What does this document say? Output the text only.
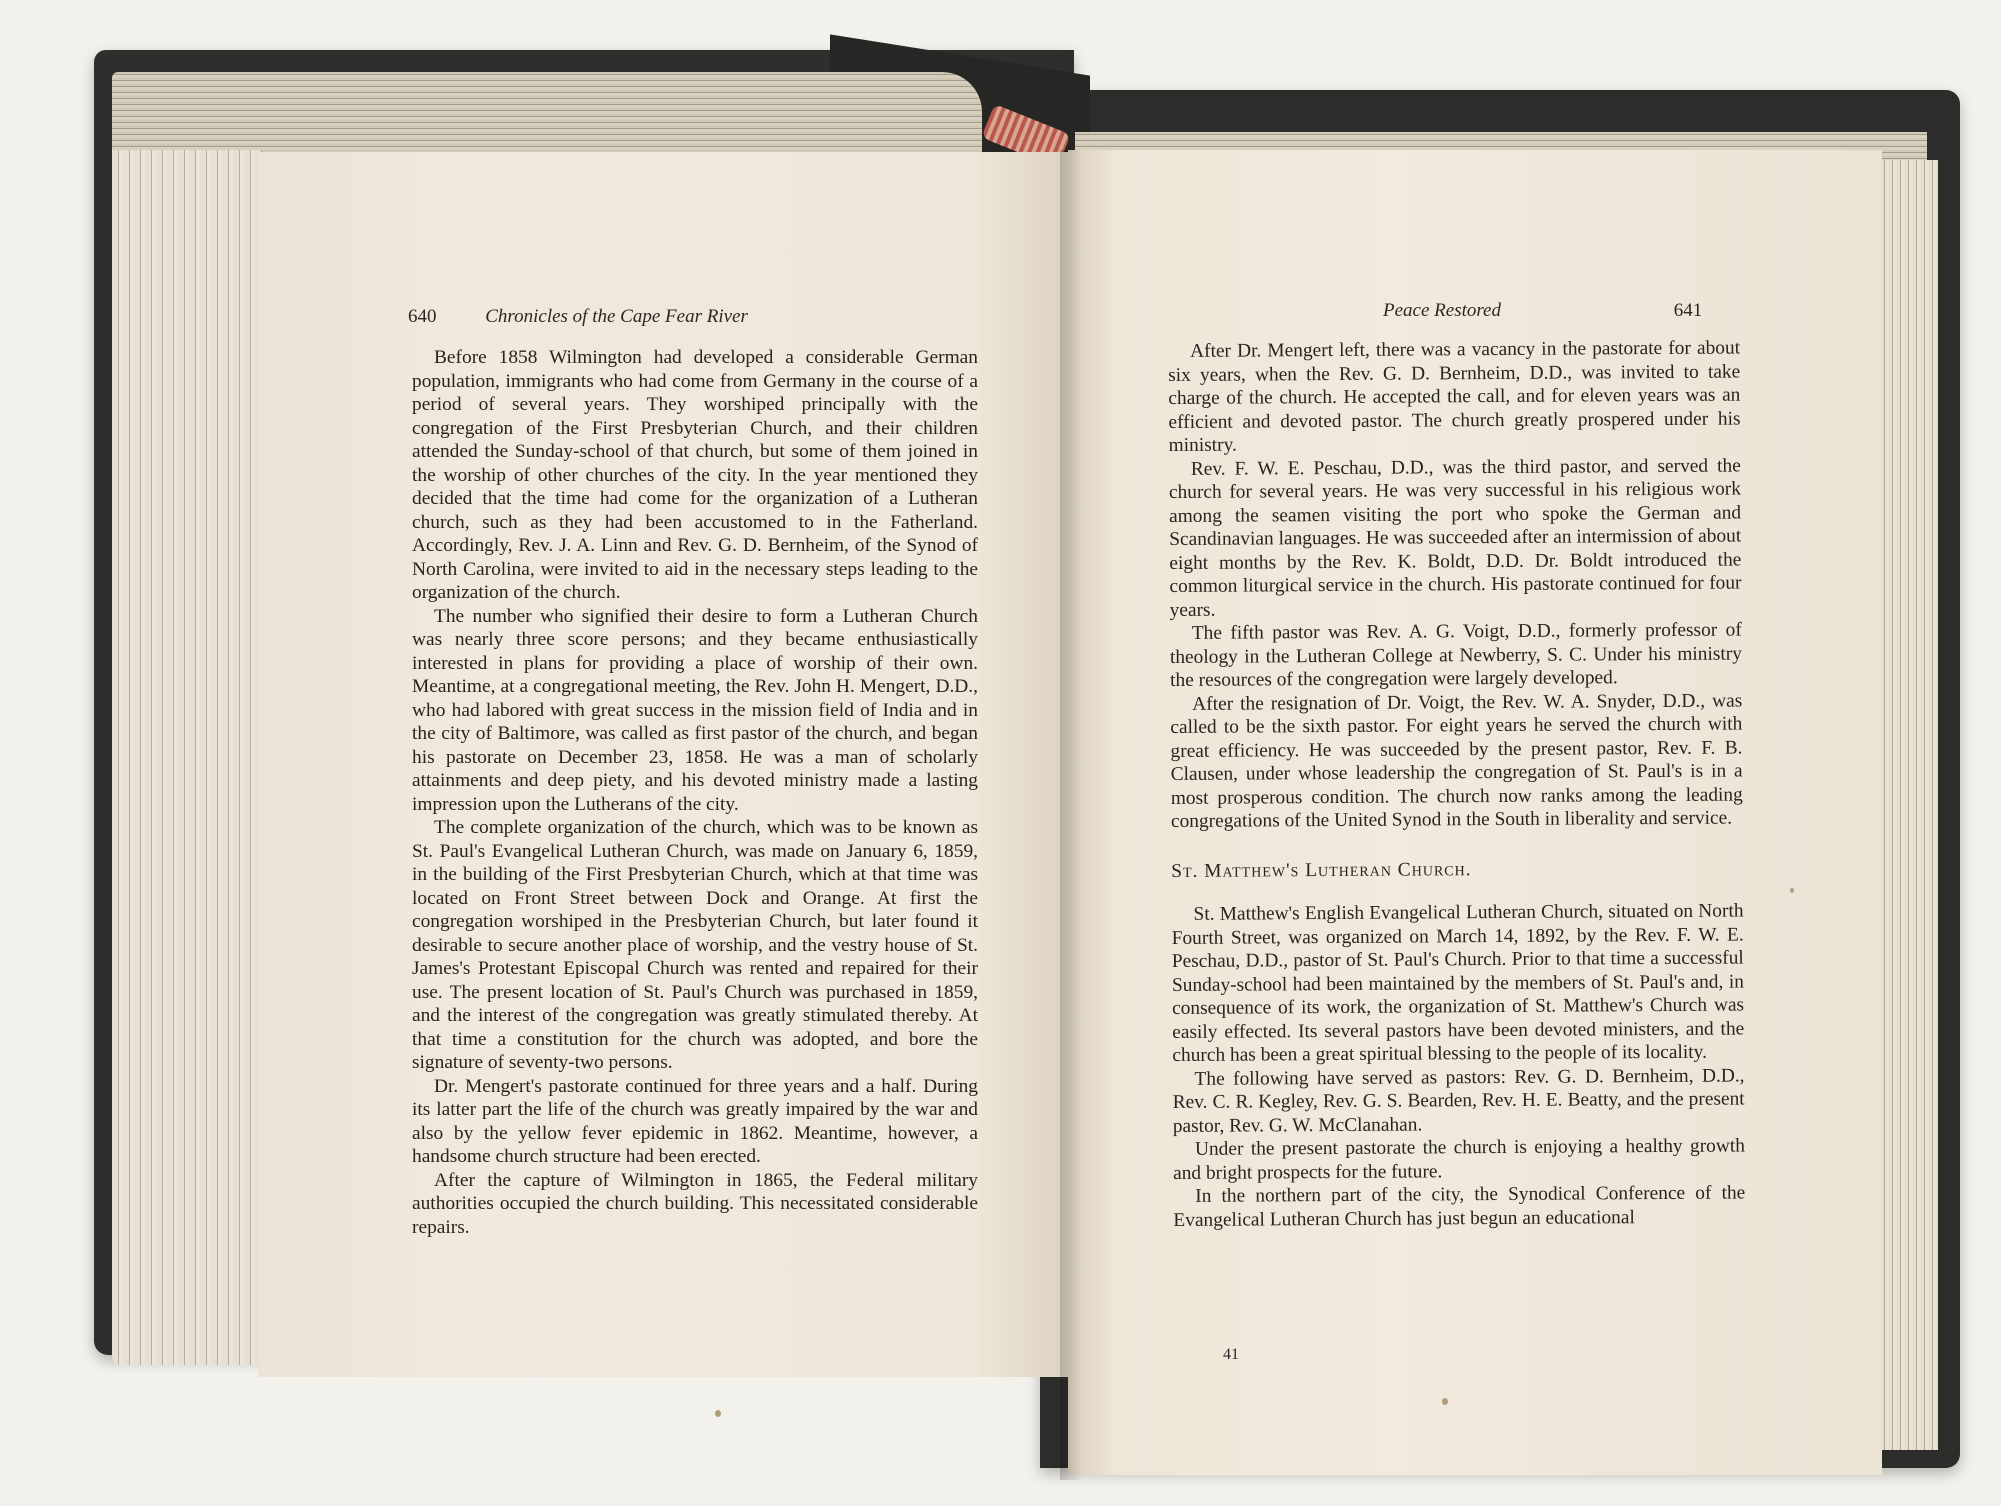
640	Chronicles of the Cape Fear River	Peace Restored	641

Before 1858 Wilmington had developed a considerable German population, immigrants who had come from Germany in the course of a period of several years. They worshiped principally with the congregation of the First Presbyterian Church, and their children attended the Sunday-school of that church, but some of them joined in the worship of other churches of the city. In the year mentioned they decided that the time had come for the organization of a Lutheran church, such as they had been accustomed to in the Fatherland. Accordingly, Rev. J. A. Linn and Rev. G. D. Bernheim, of the Synod of North Carolina, were invited to aid in the necessary steps leading to the organization of the church.

The number who signified their desire to form a Lutheran Church was nearly three score persons; and they became enthusiastically interested in plans for providing a place of worship of their own. Meantime, at a congregational meeting, the Rev. John H. Mengert, D.D., who had labored with great success in the mission field of India and in the city of Baltimore, was called as first pastor of the church, and began his pastorate on December 23, 1858. He was a man of scholarly attainments and deep piety, and his devoted ministry made a lasting impression upon the Lutherans of the city.

The complete organization of the church, which was to be known as St. Paul's Evangelical Lutheran Church, was made on January 6, 1859, in the building of the First Presbyterian Church, which at that time was located on Front Street between Dock and Orange. At first the congregation worshiped in the Presbyterian Church, but later found it desirable to secure another place of worship, and the vestry house of St. James's Protestant Episcopal Church was rented and repaired for their use. The present location of St. Paul's Church was purchased in 1859, and the interest of the congregation was greatly stimulated thereby. At that time a constitution for the church was adopted, and bore the signature of seventy-two persons.

Dr. Mengert's pastorate continued for three years and a half. During its latter part the life of the church was greatly impaired by the war and also by the yellow fever epidemic in 1862. Meantime, however, a handsome church structure had been erected.

After the capture of Wilmington in 1865, the Federal military authorities occupied the church building. This necessitated considerable repairs.

After Dr. Mengert left, there was a vacancy in the pastorate for about six years, when the Rev. G. D. Bernheim, D.D., was invited to take charge of the church. He accepted the call, and for eleven years was an efficient and devoted pastor. The church greatly prospered under his ministry.

Rev. F. W. E. Peschau, D.D., was the third pastor, and served the church for several years. He was very successful in his religious work among the seamen visiting the port who spoke the German and Scandinavian languages. He was succeeded after an intermission of about eight months by the Rev. K. Boldt, D.D. Dr. Boldt introduced the common liturgical service in the church. His pastorate continued for four years.

The fifth pastor was Rev. A. G. Voigt, D.D., formerly professor of theology in the Lutheran College at Newberry, S. C. Under his ministry the resources of the congregation were largely developed.

After the resignation of Dr. Voigt, the Rev. W. A. Snyder, D.D., was called to be the sixth pastor. For eight years he served the church with great efficiency. He was succeeded by the present pastor, Rev. F. B. Clausen, under whose leadership the congregation of St. Paul's is in a most prosperous condition. The church now ranks among the leading congregations of the United Synod in the South in liberality and service.

St. Matthew's Lutheran Church.

St. Matthew's English Evangelical Lutheran Church, situated on North Fourth Street, was organized on March 14, 1892, by the Rev. F. W. E. Peschau, D.D., pastor of St. Paul's Church. Prior to that time a successful Sunday-school had been maintained by the members of St. Paul's and, in consequence of its work, the organization of St. Matthew's Church was easily effected. Its several pastors have been devoted ministers, and the church has been a great spiritual blessing to the people of its locality.

The following have served as pastors: Rev. G. D. Bernheim, D.D., Rev. C. R. Kegley, Rev. G. S. Bearden, Rev. H. E. Beatty, and the present pastor, Rev. G. W. McClanahan.

Under the present pastorate the church is enjoying a healthy growth and bright prospects for the future.

In the northern part of the city, the Synodical Conference of the Evangelical Lutheran Church has just begun an educational

41
